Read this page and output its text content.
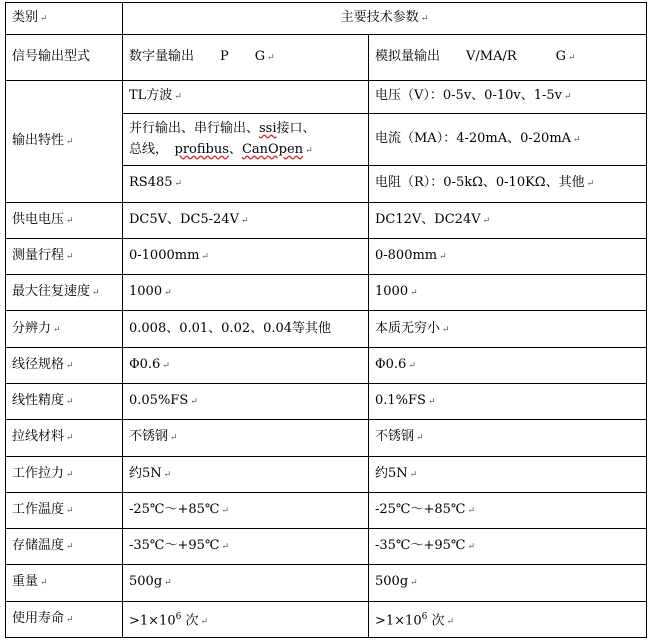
类别 ↵	主要技术参数 ↵	
信号输出型式	数字量输出　　P　　G ↵	模拟量输出　　V/MA/R　　　G ↵
输出特性 ↵	TL方波 ↵	电压（V）：0-5v、0-10v、1-5v ↵

	并行输出、串行输出、ssi接口、
总线，　profibus、CanOpen ↵	电流（MA）：4-20mA、0-20mA ↵
	RS485 ↵	电阻（R）：0-5kΩ、0-10KΩ、其他 ↵
供电电压 ↵	DC5V、DC5-24V ↵	DC12V、DC24V ↵
测量行程 ↵	0-1000mm ↵	0-800mm ↵
最大往复速度 ↵	1000 ↵	1000 ↵
分辨力 ↵	0.008、0.01、0.02、0.04等其他	本质无穷小 ↵
线径规格 ↵	Φ0.6 ↵	Φ0.6 ↵
线性精度 ↵	0.05%FS ↵	0.1%FS ↵
拉线材料 ↵	不锈钢 ↵	不锈钢 ↵
工作拉力 ↵	约5N ↵	约5N ↵
工作温度 ↵	-25℃～+85℃ ↵	-25℃～+85℃ ↵
存储温度 ↵	-35℃～+95℃ ↵	-35℃～+95℃ ↵
重量 ↵	500g ↵	500g ↵
使用寿命 ↵	$>1\times 10^6$ 次 ↵	$>1\times 10^6$ 次 ↵
